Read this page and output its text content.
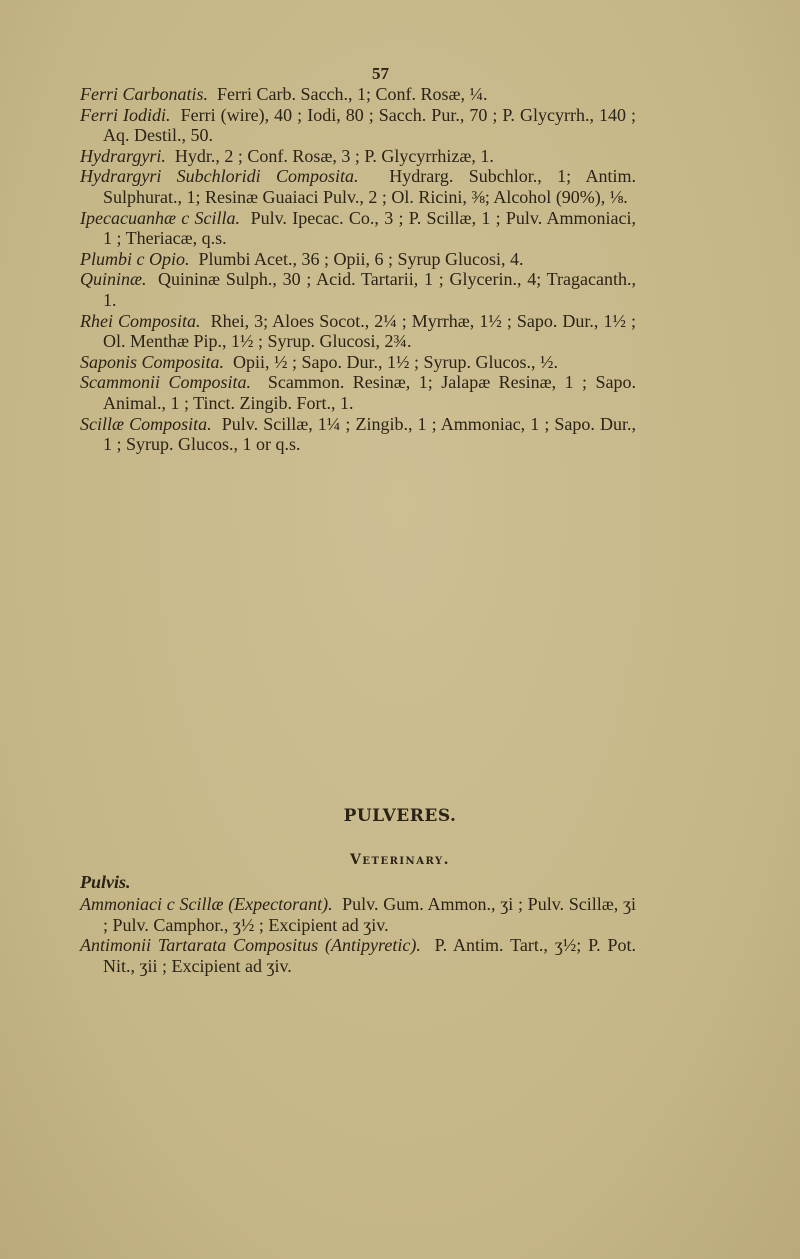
57
Ferri Carbonatis. Ferri Carb. Sacch., 1; Conf. Rosæ, ¼.
Ferri Iodidi. Ferri (wire), 40 ; Iodi, 80 ; Sacch. Pur., 70 ; P. Glycyrrh., 140 ; Aq. Destil., 50.
Hydrargyri. Hydr., 2 ; Conf. Rosæ, 3 ; P. Glycyrrhizæ, 1.
Hydrargyri Subchloridi Composita. Hydrarg. Subchlor., 1; Antim. Sulphurat., 1; Resinæ Guaiaci Pulv., 2 ; Ol. Ricini, ⅜; Alcohol (90%), ⅛.
Ipecacuanhæ c Scilla. Pulv. Ipecac. Co., 3 ; P. Scillæ, 1 ; Pulv. Ammoniaci, 1 ; Theriacæ, q.s.
Plumbi c Opio. Plumbi Acet., 36 ; Opii, 6 ; Syrup Glucosi, 4.
Quininæ. Quininæ Sulph., 30 ; Acid. Tartarii, 1 ; Glycerin., 4; Tragacanth., 1.
Rhei Composita. Rhei, 3; Aloes Socot., 2¼ ; Myrrhæ, 1½ ; Sapo. Dur., 1½ ; Ol. Menthæ Pip., 1½ ; Syrup. Glucosi, 2¾.
Saponis Composita. Opii, ½ ; Sapo. Dur., 1½ ; Syrup. Glucos., ½.
Scammonii Composita. Scammon. Resinæ, 1; Jalapæ Resinæ, 1 ; Sapo. Animal., 1 ; Tinct. Zingib. Fort., 1.
Scillæ Composita. Pulv. Scillæ, 1¼ ; Zingib., 1 ; Ammoniac, 1 ; Sapo. Dur., 1 ; Syrup. Glucos., 1 or q.s.
PULVERES.
Veterinary.
Pulvis.
Ammoniaci c Scillæ (Expectorant). Pulv. Gum. Ammon., ʒi ; Pulv. Scillæ, ʒi ; Pulv. Camphor., ʒ½ ; Excipient ad ʒiv.
Antimonii Tartarata Compositus (Antipyretic). P. Antim. Tart., ʒ½; P. Pot. Nit., ʒii ; Excipient ad ʒiv.
